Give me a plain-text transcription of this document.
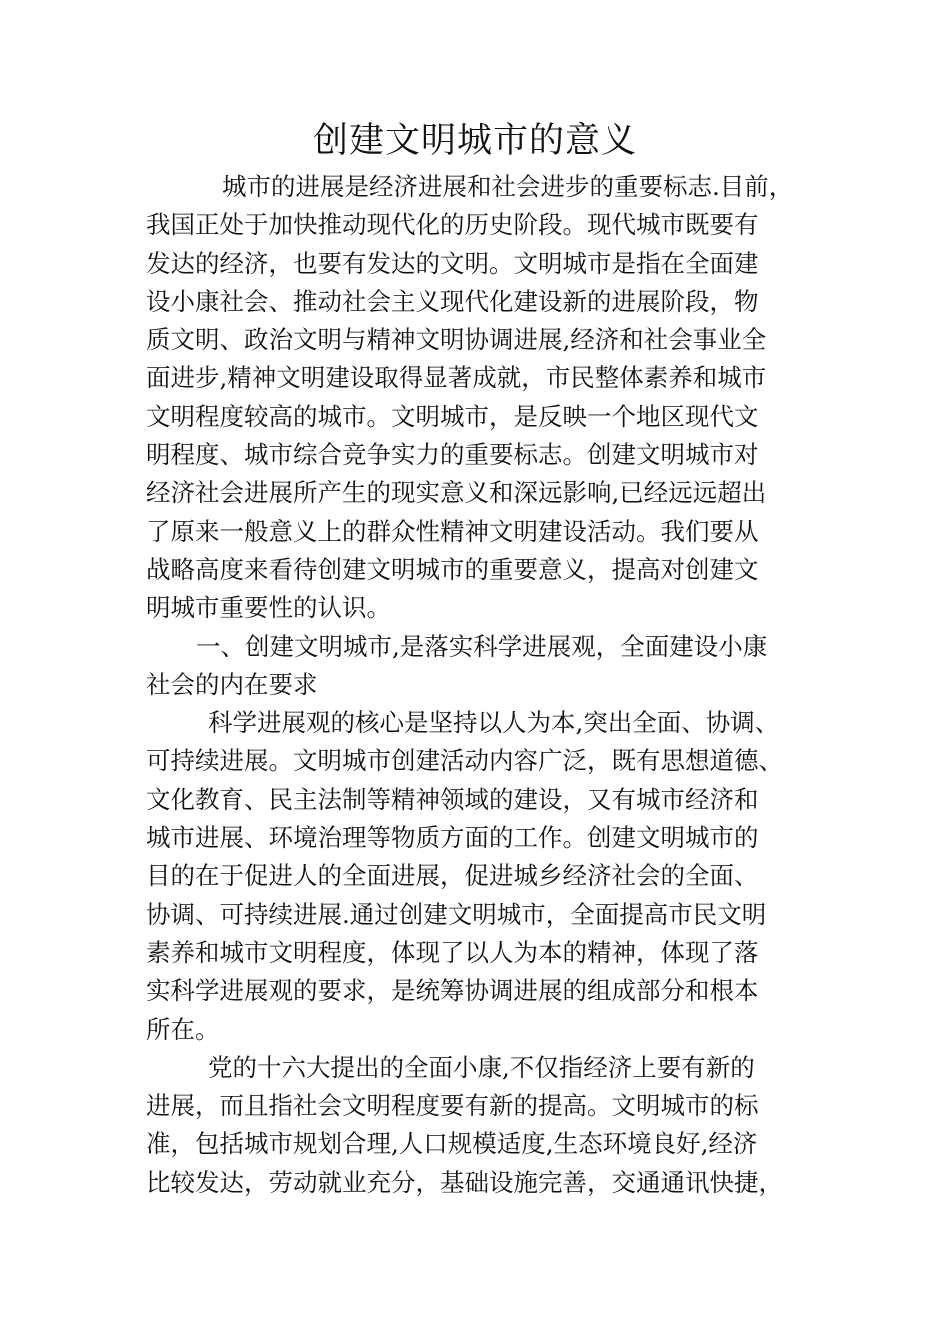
创建文明城市的意义
城市的进展是经济进展和社会进步的重要标志.目前，
我国正处于加快推动现代化的历史阶段。现代城市既要有
发达的经济，也要有发达的文明。文明城市是指在全面建
设小康社会、推动社会主义现代化建设新的进展阶段，物
质文明、政治文明与精神文明协调进展,经济和社会事业全
面进步,精神文明建设取得显著成就，市民整体素养和城市
文明程度较高的城市。文明城市，是反映一个地区现代文
明程度、城市综合竞争实力的重要标志。创建文明城市对
经济社会进展所产生的现实意义和深远影响,已经远远超出
了原来一般意义上的群众性精神文明建设活动。我们要从
战略高度来看待创建文明城市的重要意义，提高对创建文
明城市重要性的认识。
一、创建文明城市,是落实科学进展观，全面建设小康
社会的内在要求
科学进展观的核心是坚持以人为本,突出全面、协调、
可持续进展。文明城市创建活动内容广泛，既有思想道德、
文化教育、民主法制等精神领域的建设，又有城市经济和
城市进展、环境治理等物质方面的工作。创建文明城市的
目的在于促进人的全面进展，促进城乡经济社会的全面、
协调、可持续进展.通过创建文明城市，全面提高市民文明
素养和城市文明程度，体现了以人为本的精神，体现了落
实科学进展观的要求，是统筹协调进展的组成部分和根本
所在。
党的十六大提出的全面小康,不仅指经济上要有新的
进展，而且指社会文明程度要有新的提高。文明城市的标
准，包括城市规划合理,人口规模适度,生态环境良好,经济
比较发达，劳动就业充分，基础设施完善，交通通讯快捷，
